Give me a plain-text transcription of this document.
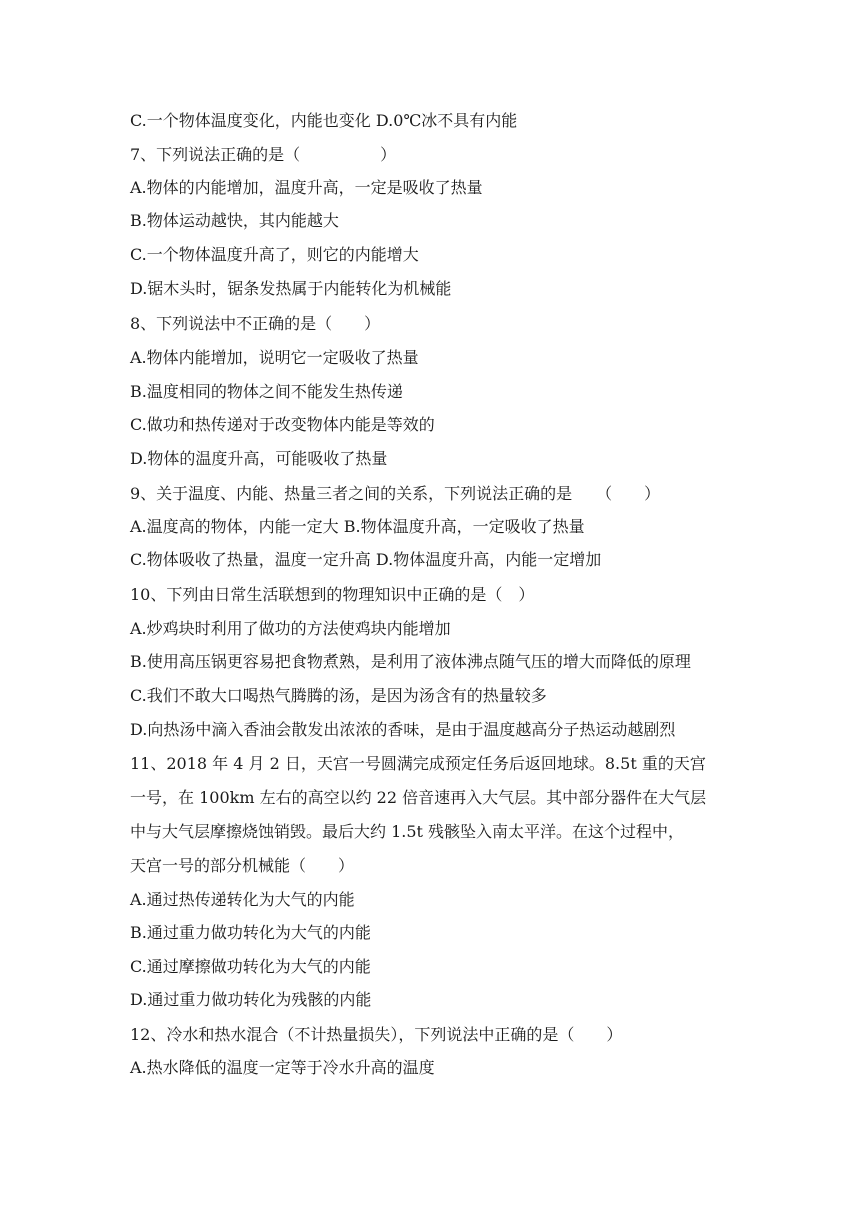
C.一个物体温度变化，内能也变化 D.0℃冰不具有内能
7、下列说法正确的是（　　　　　）
A.物体的内能增加，温度升高，一定是吸收了热量
B.物体运动越快，其内能越大
C.一个物体温度升高了，则它的内能增大
D.锯木头时，锯条发热属于内能转化为机械能
8、下列说法中不正确的是（　　）
A.物体内能增加，说明它一定吸收了热量
B.温度相同的物体之间不能发生热传递
C.做功和热传递对于改变物体内能是等效的
D.物体的温度升高，可能吸收了热量
9、关于温度、内能、热量三者之间的关系，下列说法正确的是　　（　　）
A.温度高的物体，内能一定大 B.物体温度升高，一定吸收了热量
C.物体吸收了热量，温度一定升高 D.物体温度升高，内能一定增加
10、下列由日常生活联想到的物理知识中正确的是（　）
A.炒鸡块时利用了做功的方法使鸡块内能增加
B.使用高压锅更容易把食物煮熟，是利用了液体沸点随气压的增大而降低的原理
C.我们不敢大口喝热气腾腾的汤，是因为汤含有的热量较多
D.向热汤中滴入香油会散发出浓浓的香味，是由于温度越高分子热运动越剧烈
11、2018 年 4 月 2 日，天宫一号圆满完成预定任务后返回地球。8.5t 重的天宫
一号，在 100km 左右的高空以约 22 倍音速再入大气层。其中部分器件在大气层
中与大气层摩擦烧蚀销毁。最后大约 1.5t 残骸坠入南太平洋。在这个过程中，
天宫一号的部分机械能（　　）
A.通过热传递转化为大气的内能
B.通过重力做功转化为大气的内能
C.通过摩擦做功转化为大气的内能
D.通过重力做功转化为残骸的内能
12、冷水和热水混合（不计热量损失），下列说法中正确的是（　　）
A.热水降低的温度一定等于冷水升高的温度
